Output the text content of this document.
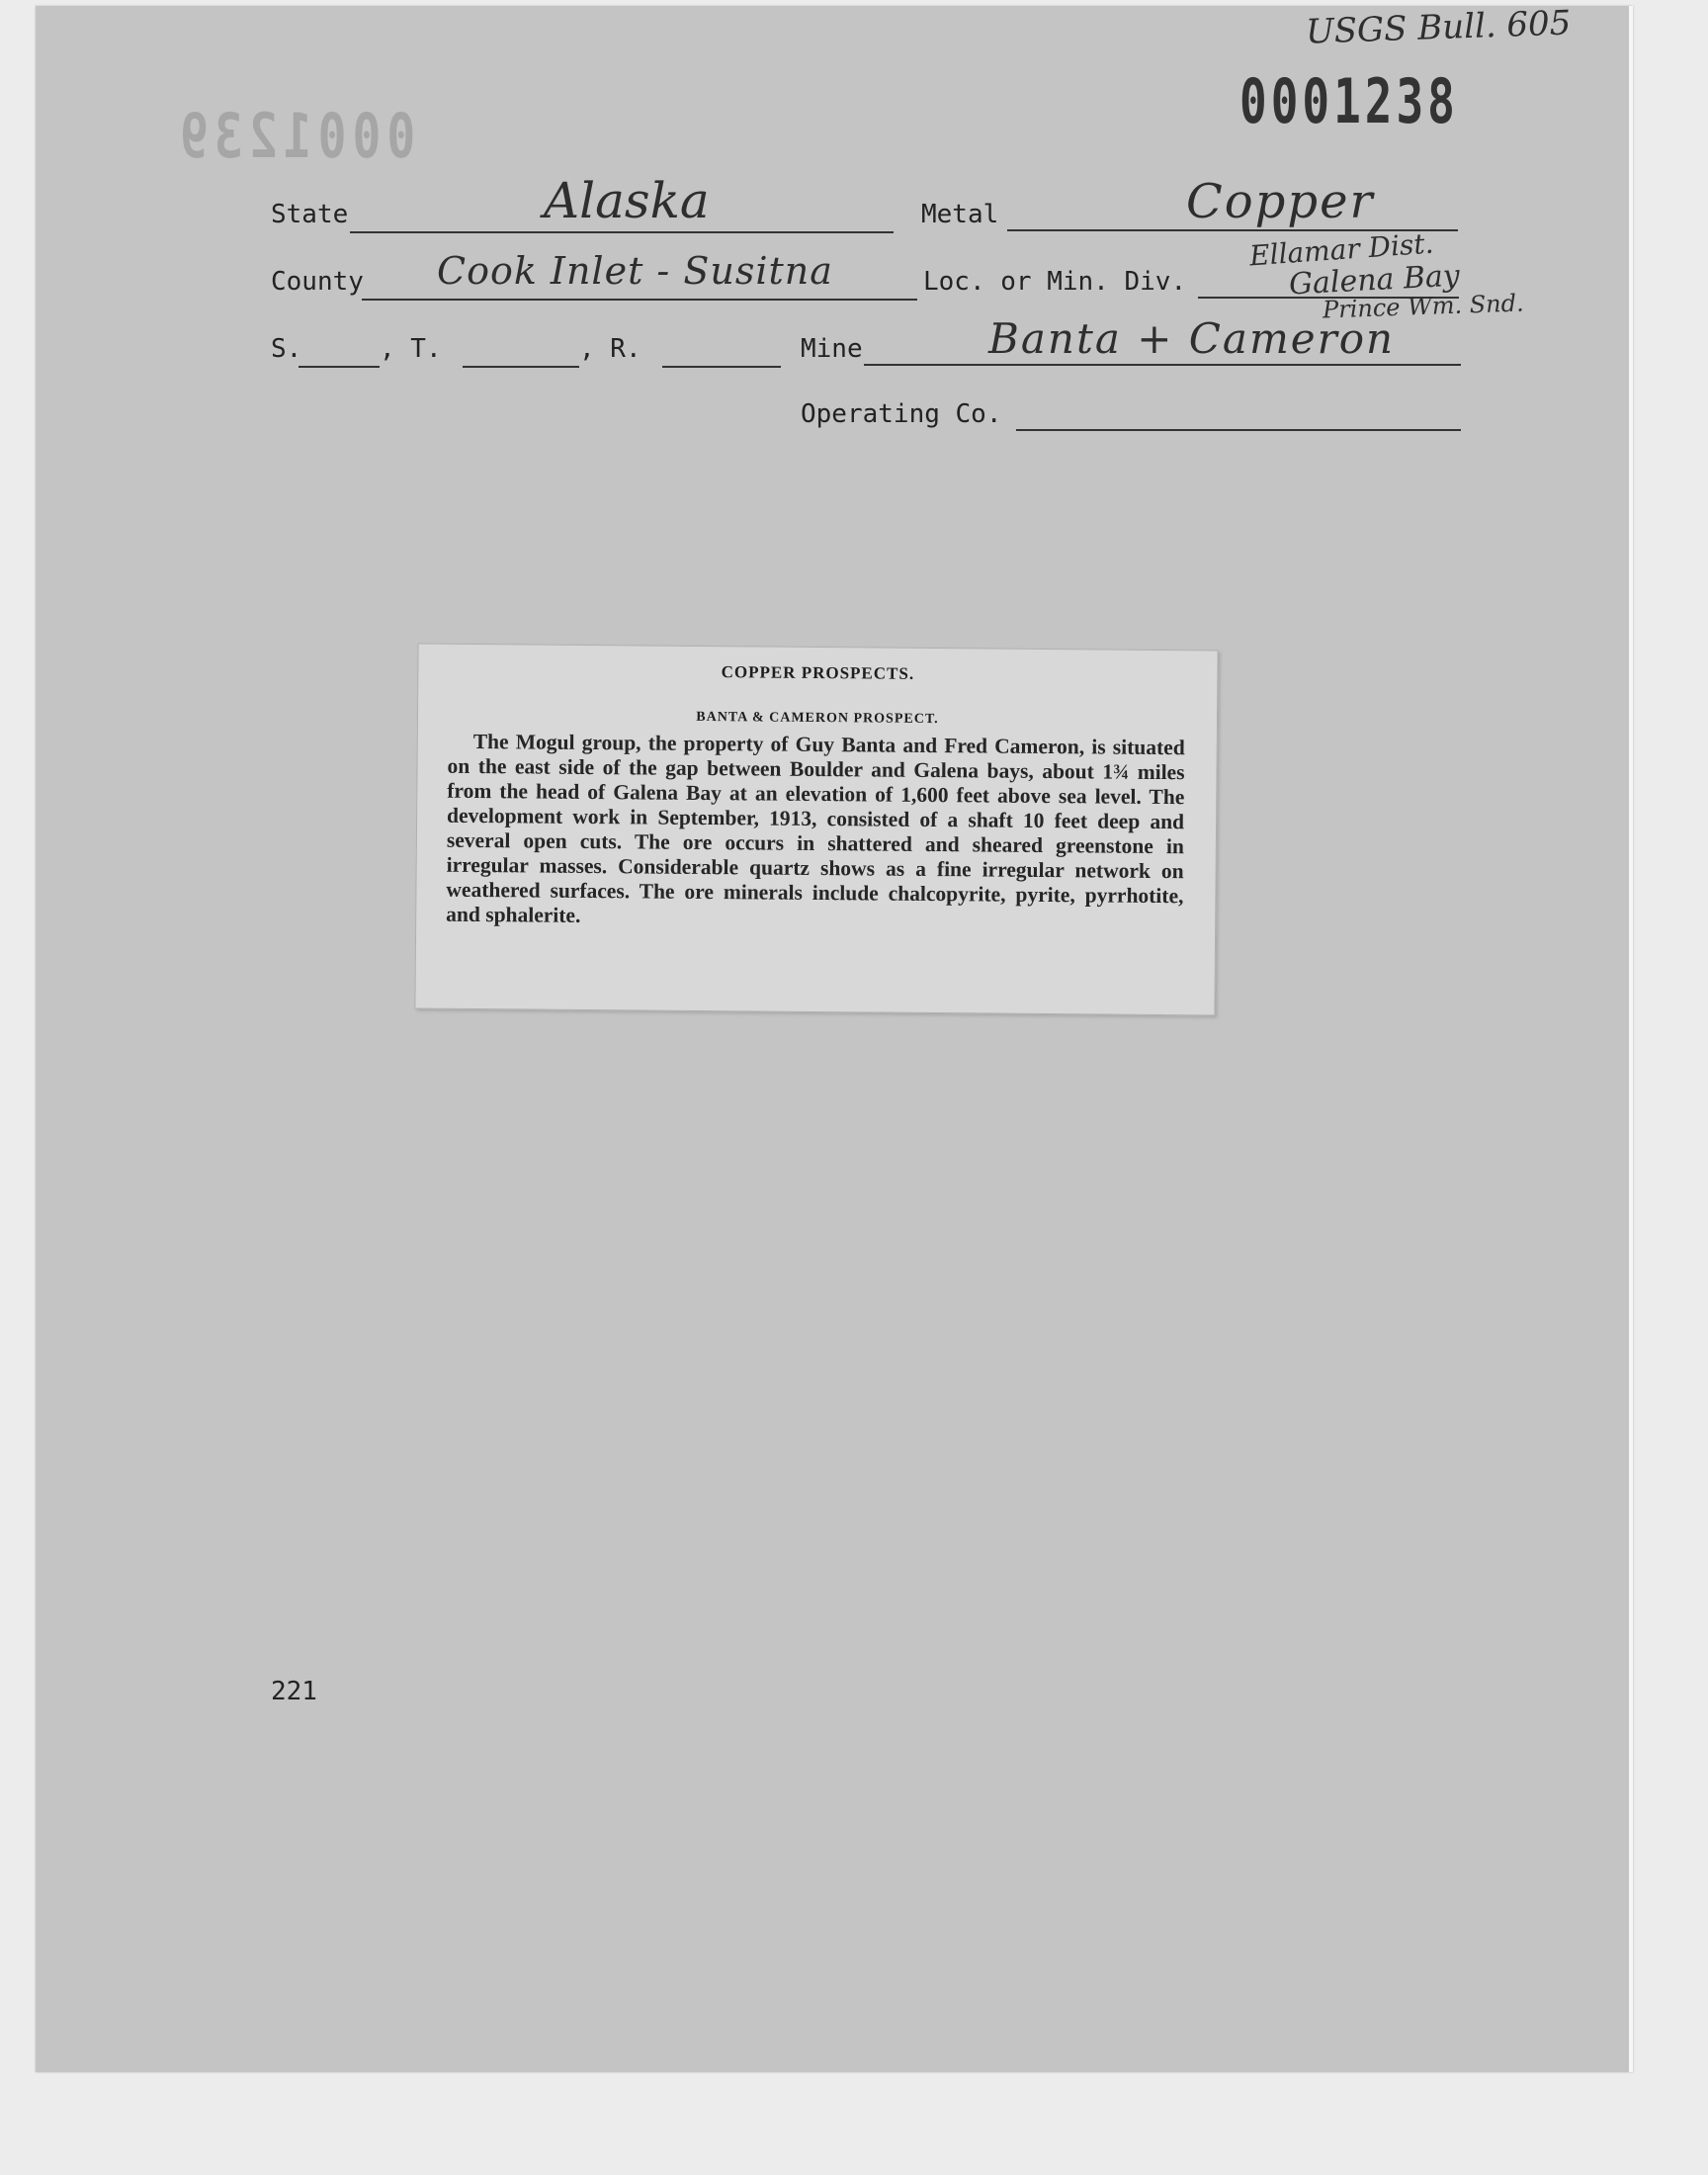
USGS Bull. 605
0001238
0001239
State	Alaska	Metal	Copper
County Cook Inlet - Susitna	Loc. or Min. Div.
Ellamar Dist.
Galena Bay
Prince Wm. Snd.
S.	, T.	, R.	Mine	Banta + Cameron
Operating Co.
COPPER PROSPECTS.
BANTA & CAMERON PROSPECT.
The Mogul group, the property of Guy Banta and Fred Cameron, is situated on the east side of the gap between Boulder and Galena bays, about 1¾ miles from the head of Galena Bay at an elevation of 1,600 feet above sea level. The development work in September, 1913, consisted of a shaft 10 feet deep and several open cuts. The ore occurs in shattered and sheared greenstone in irregular masses. Considerable quartz shows as a fine irregular network on weathered surfaces. The ore minerals include chalcopyrite, pyrite, pyrrhotite, and sphalerite.
221
